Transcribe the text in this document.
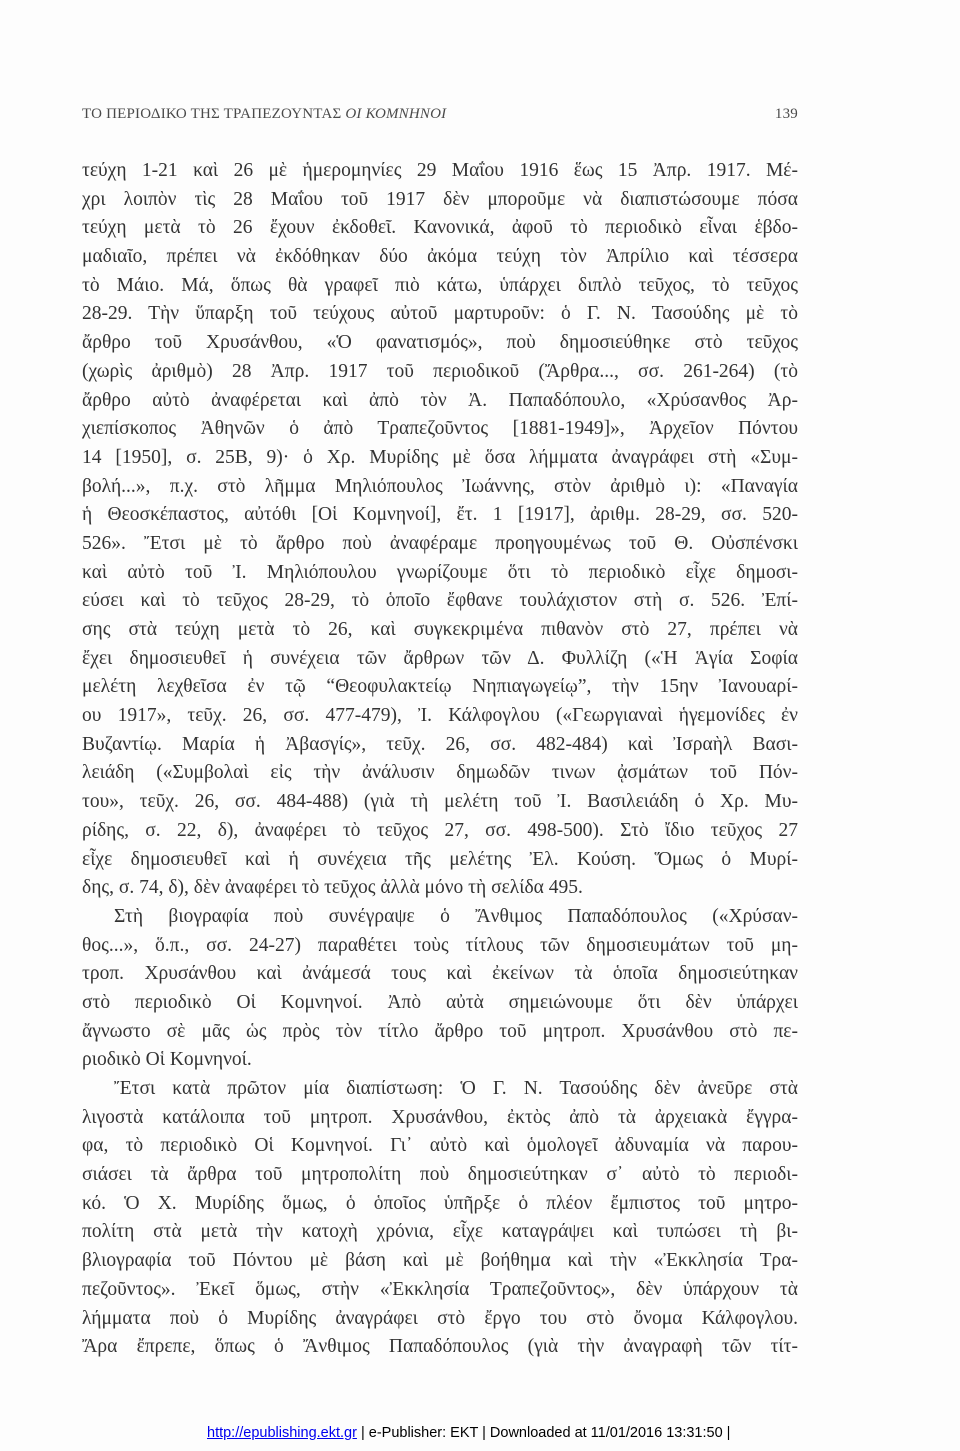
ΤΟ ΠΕΡΙΟΔΙΚΟ ΤΗΣ ΤΡΑΠΕΖΟΥΝΤΑΣ ΟΙ ΚΟΜΝΗΝΟΙ	139
τεύχη 1-21 καὶ 26 μὲ ἡμερομηνίες 29 Μαΐου 1916 ἕως 15 Ἀπρ. 1917. Μέ-
χρι λοιπὸν τὶς 28 Μαΐου τοῦ 1917 δὲν μποροῦμε νὰ διαπιστώσουμε πόσα
τεύχη μετὰ τὸ 26 ἔχουν ἐκδοθεῖ. Κανονικά, ἀφοῦ τὸ περιοδικὸ εἶναι ἑβδο-
μαδιαῖο, πρέπει νὰ ἐκδόθηκαν δύο ἀκόμα τεύχη τὸν Ἀπρίλιο καὶ τέσσερα
τὸ Μάιο. Μά, ὅπως θὰ γραφεῖ πιὸ κάτω, ὑπάρχει διπλὸ τεῦχος, τὸ τεῦχος
28-29. Τὴν ὕπαρξη τοῦ τεύχους αὐτοῦ μαρτυροῦν: ὁ Γ. Ν. Τασούδης μὲ τὸ
ἄρθρο τοῦ Χρυσάνθου, «Ὁ φανατισμός», ποὺ δημοσιεύθηκε στὸ τεῦχος
(χωρὶς ἀριθμὸ) 28 Ἀπρ. 1917 τοῦ περιοδικοῦ (Ἄρθρα..., σσ. 261-264) (τὸ
ἄρθρο αὐτὸ ἀναφέρεται καὶ ἀπὸ τὸν Ἀ. Παπαδόπουλο, «Χρύσανθος Ἀρ-
χιεπίσκοπος Ἀθηνῶν ὁ ἀπὸ Τραπεζοῦντος [1881-1949]», Ἀρχεῖον Πόντου
14 [1950], σ. 25Β, 9)· ὁ Χρ. Μυρίδης μὲ ὅσα λήμματα ἀναγράφει στὴ «Συμ-
βολή...», π.χ. στὸ λῆμμα Μηλιόπουλος Ἰωάννης, στὸν ἀριθμὸ ι): «Παναγία
ἡ Θεοσκέπαστος, αὐτόθι [Οἱ Κομνηνοί], ἔτ. 1 [1917], ἀριθμ. 28-29, σσ. 520-
526». Ἔτσι μὲ τὸ ἄρθρο ποὺ ἀναφέραμε προηγουμένως τοῦ Θ. Οὐσπένσκι
καὶ αὐτὸ τοῦ Ἰ. Μηλιόπουλου γνωρίζουμε ὅτι τὸ περιοδικὸ εἶχε δημοσι-
εύσει καὶ τὸ τεῦχος 28-29, τὸ ὁποῖο ἔφθανε τουλάχιστον στὴ σ. 526. Ἐπί-
σης στὰ τεύχη μετὰ τὸ 26, καὶ συγκεκριμένα πιθανὸν στὸ 27, πρέπει νὰ
ἔχει δημοσιευθεῖ ἡ συνέχεια τῶν ἄρθρων τῶν Δ. Φυλλίζη («Ἡ Ἁγία Σοφία
μελέτη λεχθεῖσα ἐν τῷ “Θεοφυλακτείῳ Νηπιαγωγείῳ”, τὴν 15ην Ἰανουαρί-
ου 1917», τεῦχ. 26, σσ. 477-479), Ἰ. Κάλφογλου («Γεωργιαναὶ ἡγεμονίδες ἐν
Βυζαντίῳ. Μαρία ἡ Ἀβασγίς», τεῦχ. 26, σσ. 482-484) καὶ Ἰσραὴλ Βασι-
λειάδη («Συμβολαὶ εἰς τὴν ἀνάλυσιν δημωδῶν τινων ᾀσμάτων τοῦ Πόν-
του», τεῦχ. 26, σσ. 484-488) (γιὰ τὴ μελέτη τοῦ Ἰ. Βασιλειάδη ὁ Χρ. Μυ-
ρίδης, σ. 22, δ), ἀναφέρει τὸ τεῦχος 27, σσ. 498-500). Στὸ ἴδιο τεῦχος 27
εἶχε δημοσιευθεῖ καὶ ἡ συνέχεια τῆς μελέτης Ἐλ. Κούση. Ὅμως ὁ Μυρί-
δης, σ. 74, δ), δὲν ἀναφέρει τὸ τεῦχος ἀλλὰ μόνο τὴ σελίδα 495.
Στὴ βιογραφία ποὺ συνέγραψε ὁ Ἄνθιμος Παπαδόπουλος («Χρύσαν-
θος...», ὅ.π., σσ. 24-27) παραθέτει τοὺς τίτλους τῶν δημοσιευμάτων τοῦ μη-
τροπ. Χρυσάνθου καὶ ἀνάμεσά τους καὶ ἐκείνων τὰ ὁποῖα δημοσιεύτηκαν
στὸ περιοδικὸ Οἱ Κομνηνοί. Ἀπὸ αὐτὰ σημειώνουμε ὅτι δὲν ὑπάρχει
ἄγνωστο σὲ μᾶς ὡς πρὸς τὸν τίτλο ἄρθρο τοῦ μητροπ. Χρυσάνθου στὸ πε-
ριοδικὸ Οἱ Κομνηνοί.
Ἔτσι κατὰ πρῶτον μία διαπίστωση: Ὁ Γ. Ν. Τασούδης δὲν ἀνεῦρε στὰ
λιγοστὰ κατάλοιπα τοῦ μητροπ. Χρυσάνθου, ἐκτὸς ἀπὸ τὰ ἀρχειακὰ ἔγγρα-
φα, τὸ περιοδικὸ Οἱ Κομνηνοί. Γι᾽ αὐτὸ καὶ ὁμολογεῖ ἀδυναμία νὰ παρου-
σιάσει τὰ ἄρθρα τοῦ μητροπολίτη ποὺ δημοσιεύτηκαν σ᾽ αὐτὸ τὸ περιοδι-
κό. Ὁ Χ. Μυρίδης ὅμως, ὁ ὁποῖος ὑπῆρξε ὁ πλέον ἔμπιστος τοῦ μητρο-
πολίτη στὰ μετὰ τὴν κατοχὴ χρόνια, εἶχε καταγράψει καὶ τυπώσει τὴ βι-
βλιογραφία τοῦ Πόντου μὲ βάση καὶ μὲ βοήθημα καὶ τὴν «Ἐκκλησία Τρα-
πεζοῦντος». Ἐκεῖ ὅμως, στὴν «Ἐκκλησία Τραπεζοῦντος», δὲν ὑπάρχουν τὰ
λήμματα ποὺ ὁ Μυρίδης ἀναγράφει στὸ ἔργο του στὸ ὄνομα Κάλφογλου.
Ἄρα ἔπρεπε, ὅπως ὁ Ἄνθιμος Παπαδόπουλος (γιὰ τὴν ἀναγραφὴ τῶν τίτ-
http://epublishing.ekt.gr | e-Publisher: EKT | Downloaded at 11/01/2016 13:31:50 |
